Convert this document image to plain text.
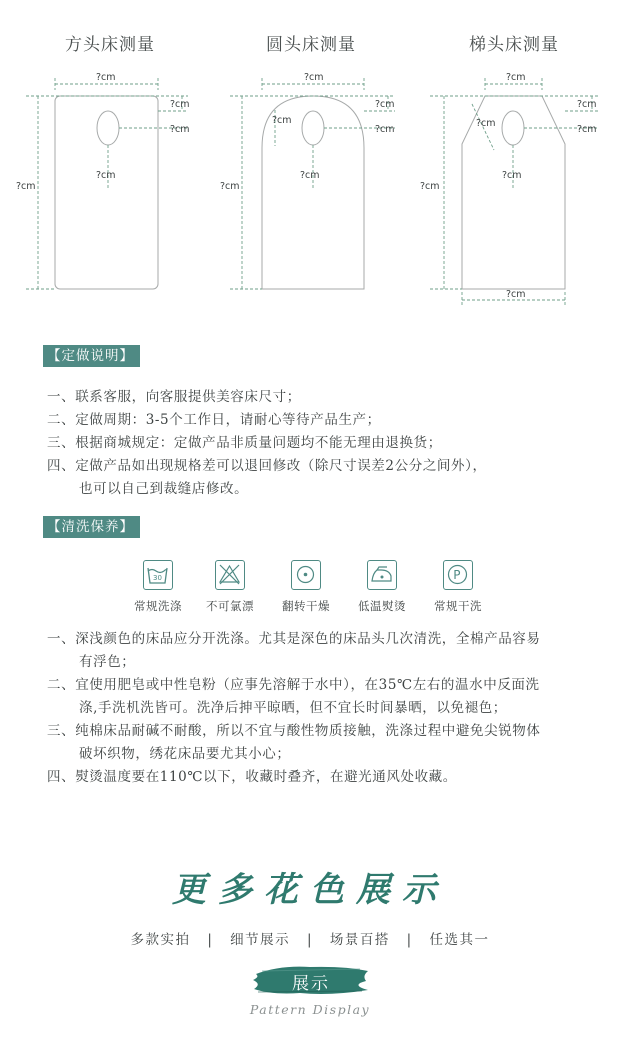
方头床测量	圆头床测量	梯头床测量
?cm
?cm
?cm
?cm
?cm
?cm
?cm
?cm
?cm
?cm
?cm
?cm
?cm
?cm
?cm
?cm
?cm
?cm
【定做说明】
一、联系客服，向客服提供美容床尺寸；
二、定做周期：3-5个工作日，请耐心等待产品生产；
三、根据商城规定：定做产品非质量问题均不能无理由退换货；
四、定做产品如出现规格差可以退回修改（除尺寸误差2公分之间外），
也可以自己到裁缝店修改。
【清洗保养】
30
常规洗涤	不可氯漂	翻转干燥	低温熨烫
P
常规干洗
一、深浅颜色的床品应分开洗涤。尤其是深色的床品头几次清洗，全棉产品容易
有浮色；
二、宜使用肥皂或中性皂粉（应事先溶解于水中），在35℃左右的温水中反面洗
涤,手洗机洗皆可。洗净后抻平晾晒，但不宜长时间暴晒，以免褪色；
三、纯棉床品耐碱不耐酸，所以不宜与酸性物质接触，洗涤过程中避免尖锐物体
破坏织物，绣花床品要尤其小心；
四、熨烫温度要在110℃以下，收藏时叠齐，在避光通风处收藏。
更多花色展示
多款实拍 | 细节展示 | 场景百搭 | 任选其一
展示
Pattern Display
